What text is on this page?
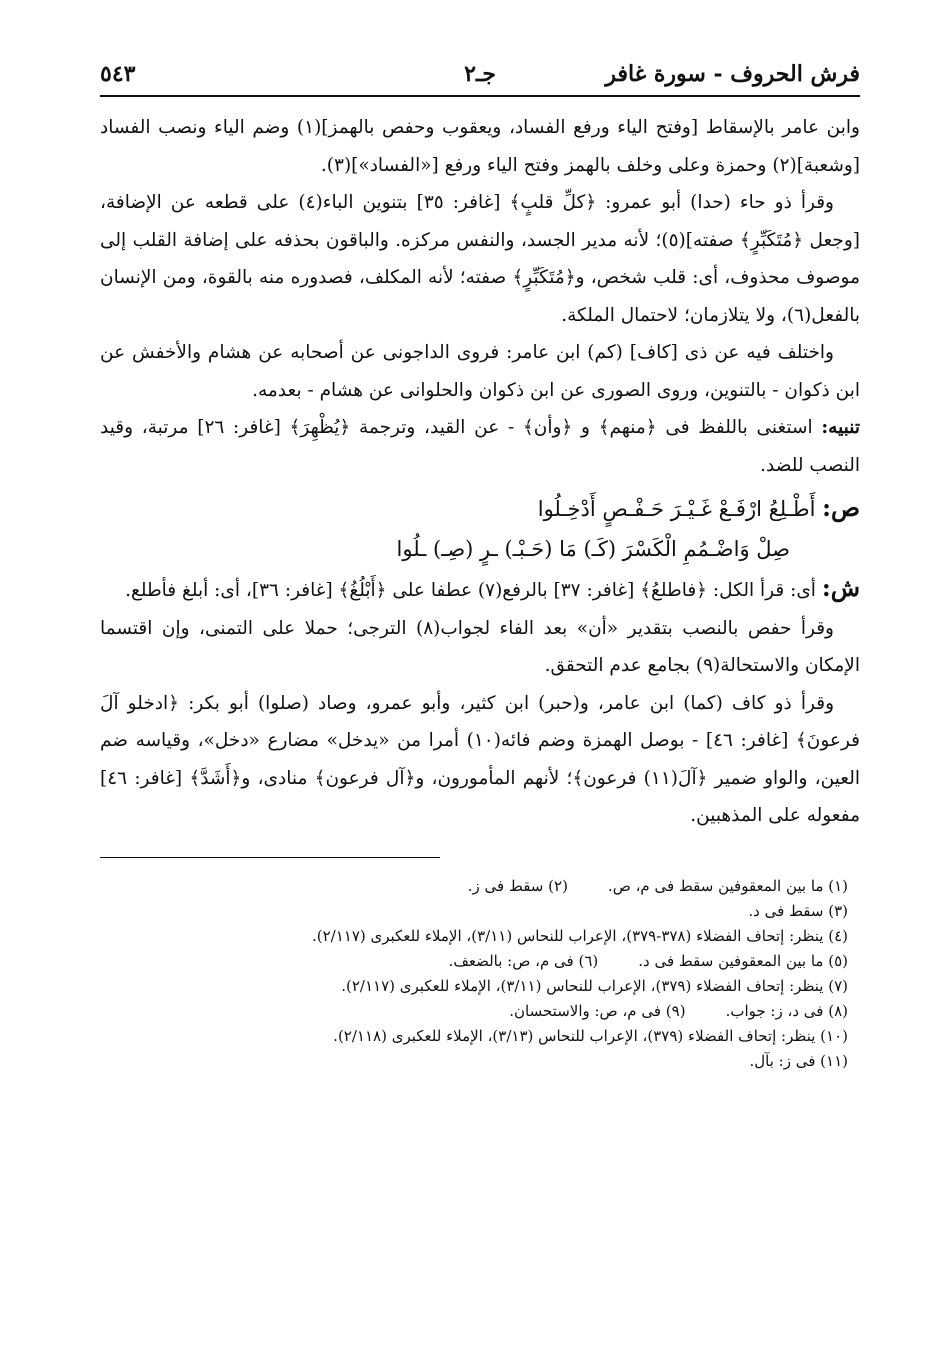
فرش الحروف - سورة غافر
جـ٢
٥٤٣

وابن عامر بالإسقاط [وفتح الياء ورفع الفساد، ويعقوب وحفص بالهمز](١) وضم الياء ونصب الفساد [وشعبة](٢) وحمزة وعلى وخلف بالهمز وفتح الياء ورفع [«الفساد»](٣).

وقرأ ذو حاء (حدا) أبو عمرو: ﴿كلِّ قلبٍ﴾ [غافر: ٣٥] بتنوين الباء(٤) على قطعه عن الإضافة، [وجعل ﴿مُتَكَبِّرٍ﴾ صفته](٥)؛ لأنه مدير الجسد، والنفس مركزه. والباقون بحذفه على إضافة القلب إلى موصوف محذوف، أى: قلب شخص، و﴿مُتَكَبِّرٍ﴾ صفته؛ لأنه المكلف، فصدوره منه بالقوة، ومن الإنسان بالفعل(٦)، ولا يتلازمان؛ لاحتمال الملكة.

واختلف فيه عن ذى [كاف] (كم) ابن عامر: فروى الداجونى عن أصحابه عن هشام والأخفش عن ابن ذكوان - بالتنوين، وروى الصورى عن ابن ذكوان والحلوانى عن هشام - بعدمه.

تنبيه: استغنى باللفظ فى ﴿منهم﴾ و ﴿وأن﴾ - عن القيد، وترجمة ﴿يُظْهِرَ﴾ [غافر: ٢٦] مرتبة، وقيد النصب للضد.

ص: أَطْـلِعُ ارْفَـعْ غَـيْـرَ حَـفْـصٍ أَدْخِـلُوا
صِلْ وَاضْـمُمِ الْكَسْرَ (كَـ) مَا (حَـبْـ) ـرٍ (صِـ) ـلُوا

ش: أى: قرأ الكل: ﴿فاطلعُ﴾ [غافر: ٣٧] بالرفع(٧) عطفا على ﴿أَبْلُغُ﴾ [غافر: ٣٦]، أى: أبلغ فأطلع.

وقرأ حفص بالنصب بتقدير «أن» بعد الفاء لجواب(٨) الترجى؛ حملا على التمنى، وإن اقتسما الإمكان والاستحالة(٩) بجامع عدم التحقق.

وقرأ ذو كاف (كما) ابن عامر، و(حبر) ابن كثير، وأبو عمرو، وصاد (صلوا) أبو بكر: ﴿ادخلو آلَ فرعونَ﴾ [غافر: ٤٦] - بوصل الهمزة وضم فائه(١٠) أمرا من «يدخل» مضارع «دخل»، وقياسه ضم العين، والواو ضمير ﴿آلَ(١١) فرعون﴾؛ لأنهم المأمورون، و﴿آل فرعون﴾ منادى، و﴿أَشَدَّ﴾ [غافر: ٤٦] مفعوله على المذهبين.

(١) ما بين المعقوفين سقط فى م، ص.(٢) سقط فى ز.
(٣) سقط فى د.
(٤) ينظر: إتحاف الفضلاء (٣٧٨-٣٧٩)، الإعراب للنحاس (٣/١١)، الإملاء للعكبرى (٢/١١٧).
(٥) ما بين المعقوفين سقط فى د.(٦) فى م، ص: بالضعف.
(٧) ينظر: إتحاف الفضلاء (٣٧٩)، الإعراب للنحاس (٣/١١)، الإملاء للعكبرى (٢/١١٧).
(٨) فى د، ز: جواب.(٩) فى م، ص: والاستحسان.
(١٠) ينظر: إتحاف الفضلاء (٣٧٩)، الإعراب للنحاس (٣/١٣)، الإملاء للعكبرى (٢/١١٨).
(١١) فى ز: بآل.
